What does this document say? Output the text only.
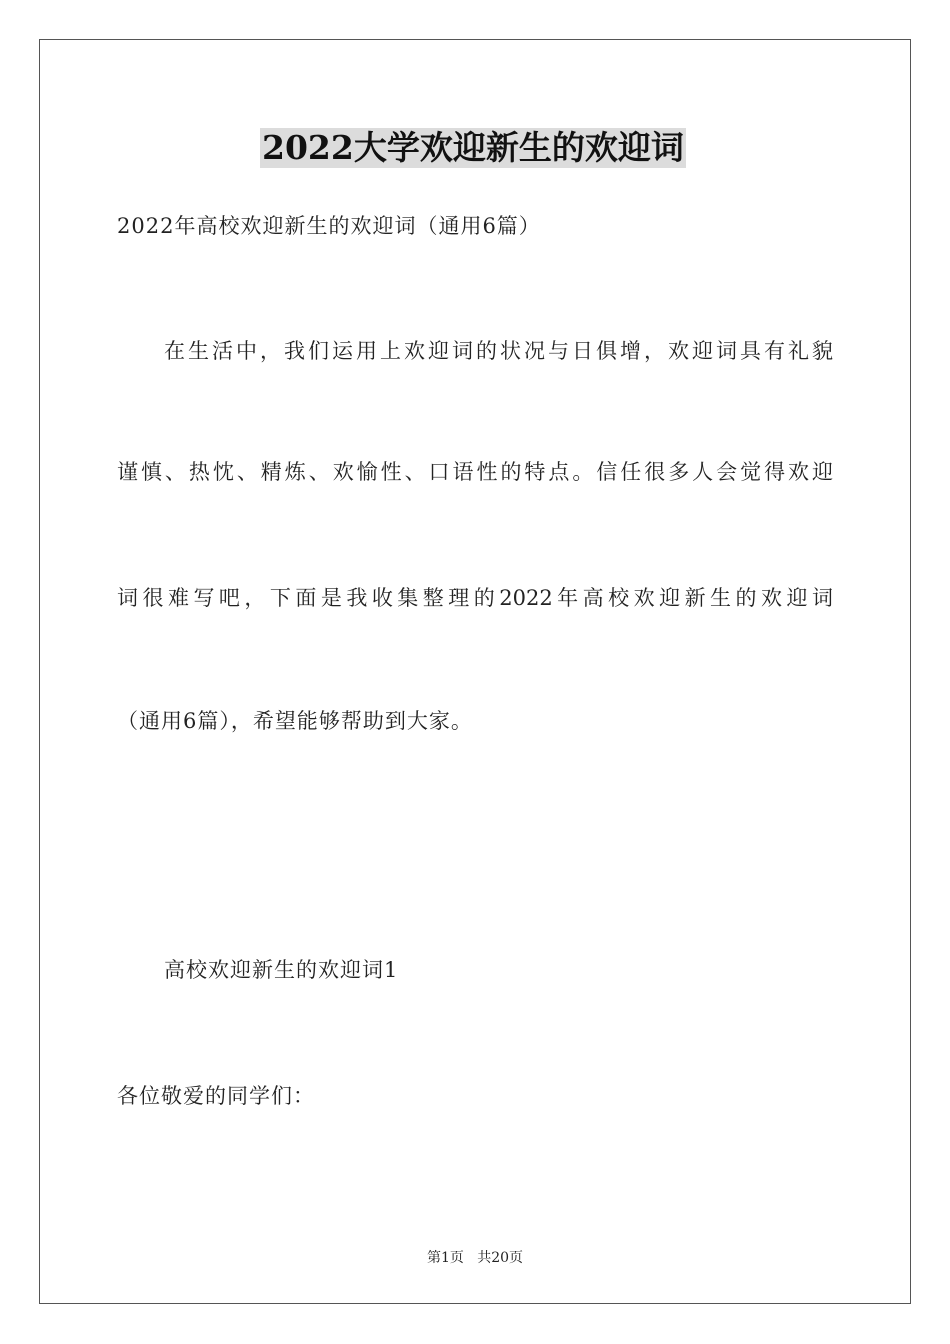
2022大学欢迎新生的欢迎词
2022年高校欢迎新生的欢迎词（通用6篇）
在生活中，我们运用上欢迎词的状况与日俱增，欢迎词具有礼貌
谨慎、热忱、精炼、欢愉性、口语性的特点。信任很多人会觉得欢迎
词很难写吧，下面是我收集整理的2022年高校欢迎新生的欢迎词
（通用6篇），希望能够帮助到大家。
高校欢迎新生的欢迎词1
各位敬爱的同学们：
第1页   共20页
